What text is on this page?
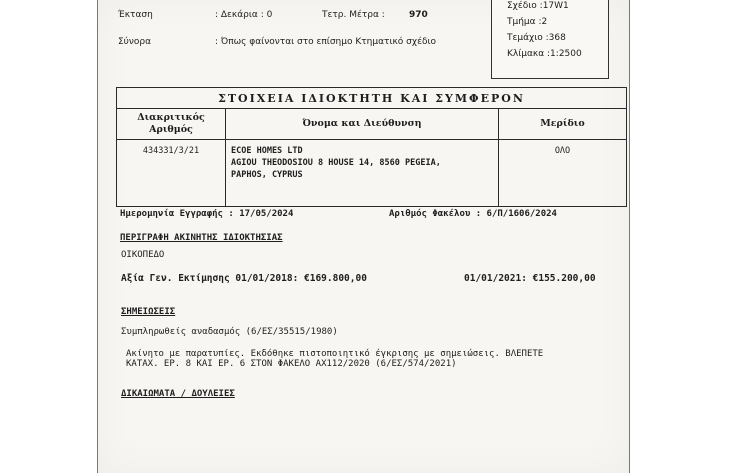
Έκταση	: Δεκάρια : 0	Τετρ. Μέτρα :	970
Σύνορα	: Όπως φαίνονται στο επίσημο Κτηματικό σχέδιο
Σχέδιο :17W1
Τμήμα :2
Τεμάχιο :368
Κλίμακα :1:2500
ΣΤΟΙΧΕΙΑ ΙΔΙΟΚΤΗΤΗ ΚΑΙ ΣΥΜΦΕΡΟΝ		
Διακριτικός
Αριθμός	Όνομα και Διεύθυνση	Μερίδιο
434331/3/21	ECOE HOMES LTD
AGIOU THEODOSIOU 8 HOUSE 14, 8560 PEGEIA,
PAPHOS, CYPRUS	ΟΛΟ
Ημερομηνία Εγγραφής : 17/05/2024	Αριθμός Φακέλου : 6/Π/1606/2024
ΠΕΡΙΓΡΑΦΗ ΑΚΙΝΗΤΗΣ ΙΔΙΟΚΤΗΣΙΑΣ
ΟΙΚΟΠΕΔΟ
Αξία Γεν. Εκτίμησης 01/01/2018: €169.800,00	01/01/2021: €155.200,00
ΣΗΜΕΙΩΣΕΙΣ
Συμπληρωθείς αναδασμός (6/ΕΣ/35515/1980)
Ακίνητο με παρατυπίες. Εκδόθηκε πιστοποιητικό έγκρισης με σημειώσεις. ΒΛΕΠΕΤΕ
ΚΑΤΑΧ. ΕΡ. 8 ΚΑΙ ΕΡ. 6 ΣΤΟΝ ΦΑΚΕΛΟ ΑΧ112/2020 (6/ΕΣ/574/2021)
ΔΙΚΑΙΩΜΑΤΑ / ΔΟΥΛΕΙΕΣ
